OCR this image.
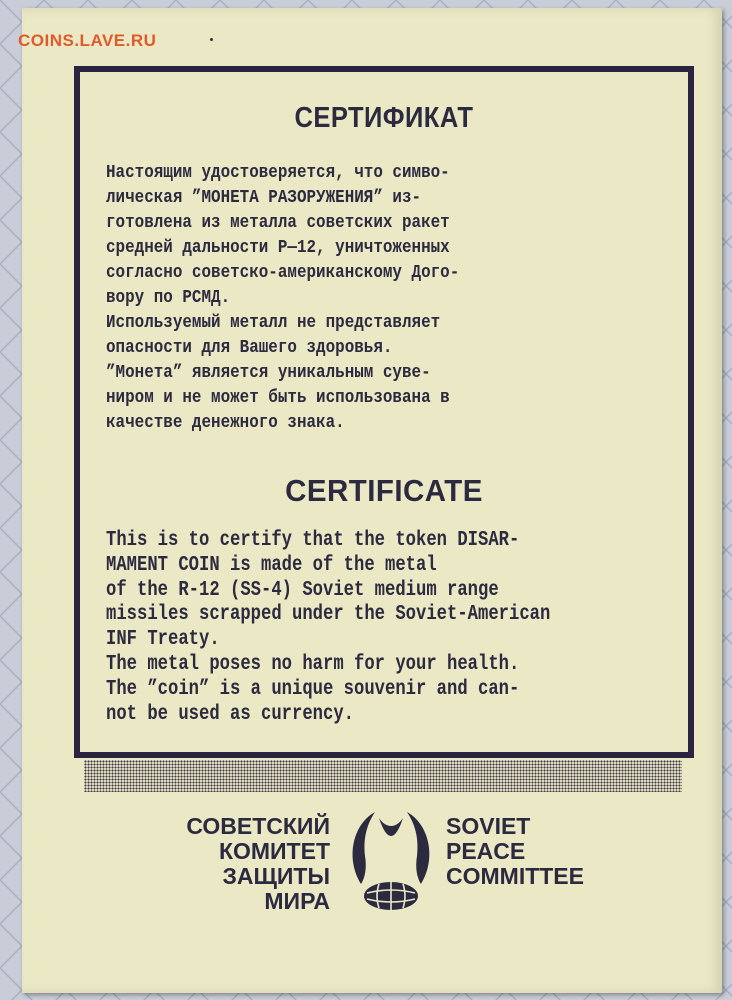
COINS.LAVE.RU
СЕРТИФИКАТ
Настоящим удостоверяется, что симво-
лическая ”МОНЕТА РАЗОРУЖЕНИЯ” из-
готовлена из металла советских ракет
средней дальности Р—12, уничтоженных
согласно советско-американскому Дого-
вору по РСМД.
Используемый металл не представляет
опасности для Вашего здоровья.
”Монета” является уникальным суве-
ниром и не может быть использована в
качестве денежного знака.
CERTIFICATE
This is to certify that the token DISAR-
MAMENT COIN is made of the metal
of the R-12 (SS-4) Soviet medium range
missiles scrapped under the Soviet-American
INF Treaty.
The metal poses no harm for your health.
The ”coin” is a unique souvenir and can-
not be used as currency.
СОВЕТСКИЙ
КОМИТЕТ
ЗАЩИТЫ
МИРА
SOVIET
PEACE
COMMITTEE
